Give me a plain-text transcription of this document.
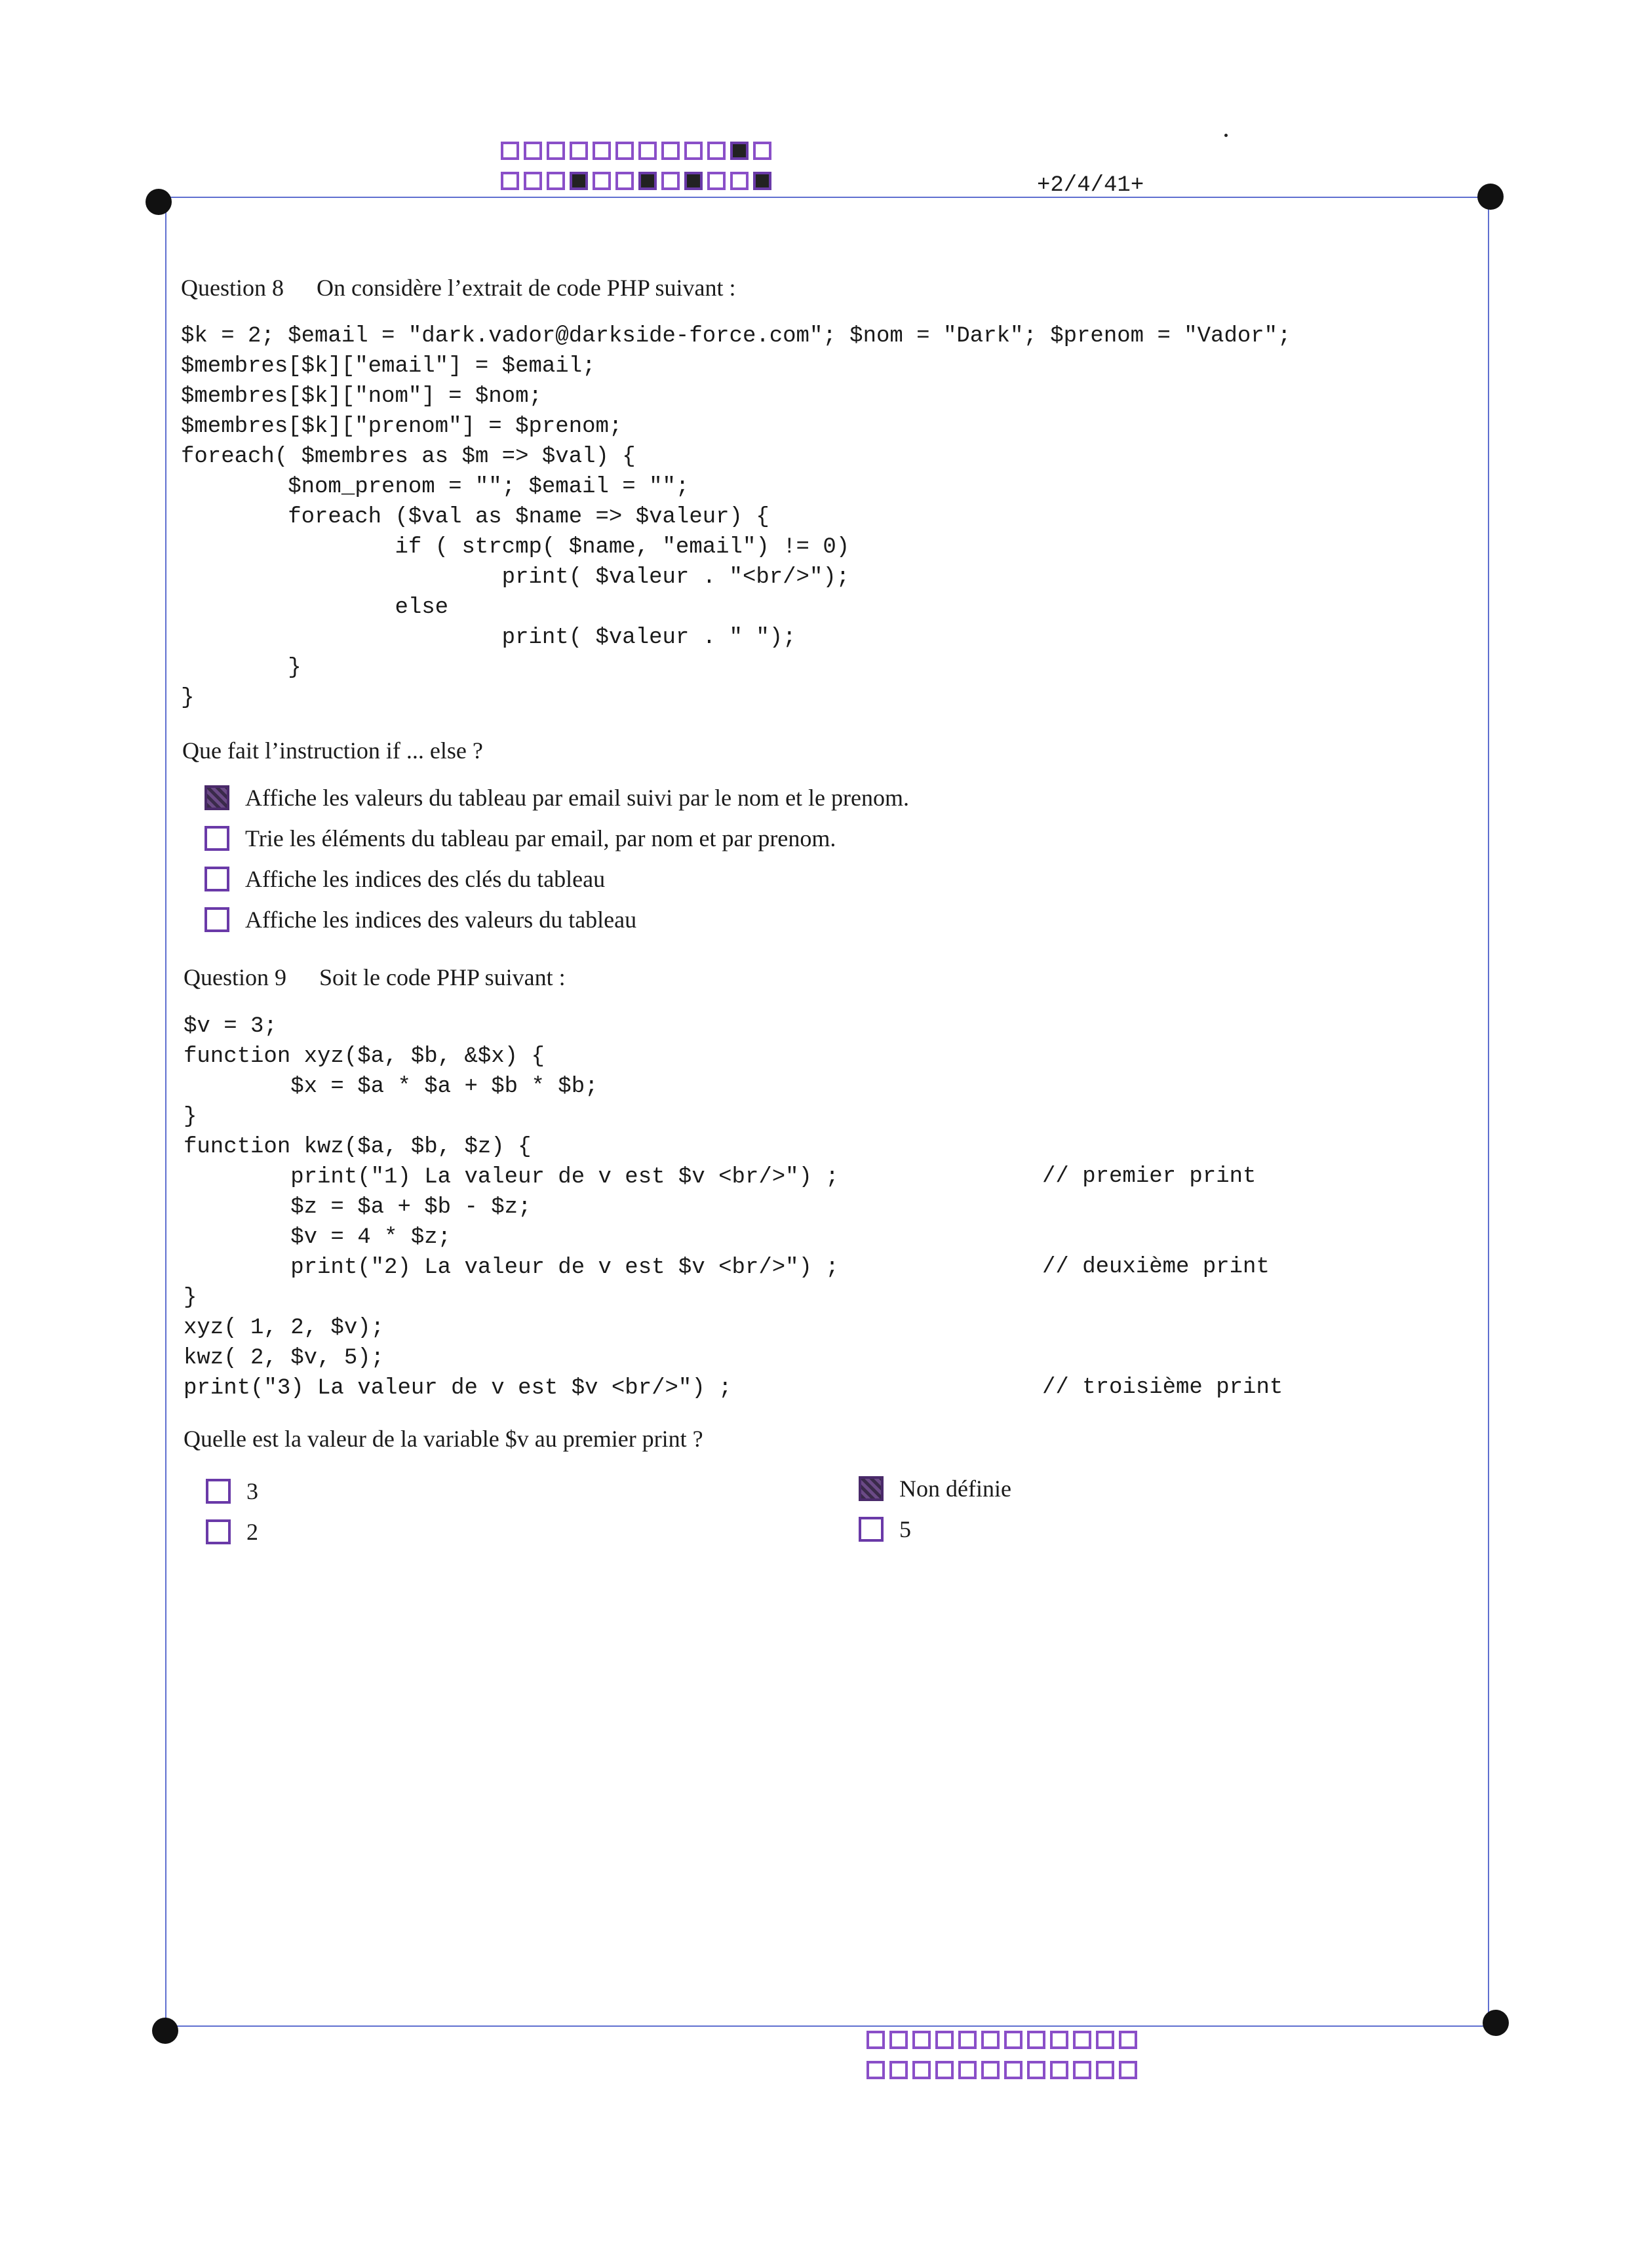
+2/4/41+
Question 8 On considère l’extrait de code PHP suivant :
$k = 2; $email = "dark.vador@darkside-force.com"; $nom = "Dark"; $prenom = "Vador";
$membres[$k]["email"] = $email;
$membres[$k]["nom"] = $nom;
$membres[$k]["prenom"] = $prenom;
foreach( $membres as $m => $val) {
$nom_prenom = ""; $email = "";
foreach ($val as $name => $valeur) {
if ( strcmp( $name, "email") != 0)
print( $valeur . "<br/>");
else
print( $valeur . " ");
}
}
Que fait l’instruction if ... else ?
Affiche les valeurs du tableau par email suivi par le nom et le prenom.
Trie les éléments du tableau par email, par nom et par prenom.
Affiche les indices des clés du tableau
Affiche les indices des valeurs du tableau
Question 9 Soit le code PHP suivant :
$v = 3;
function xyz($a, $b, &$x) {
$x = $a * $a + $b * $b;
}
function kwz($a, $b, $z) {
print("1) La valeur de v est $v <br/>") ;
$z = $a + $b - $z;
$v = 4 * $z;
print("2) La valeur de v est $v <br/>") ;
}
xyz( 1, 2, $v);
kwz( 2, $v, 5);
print("3) La valeur de v est $v <br/>") ;
// premier print
// deuxième print
// troisième print
Quelle est la valeur de la variable $v au premier print ?
3
2
Non définie
5
